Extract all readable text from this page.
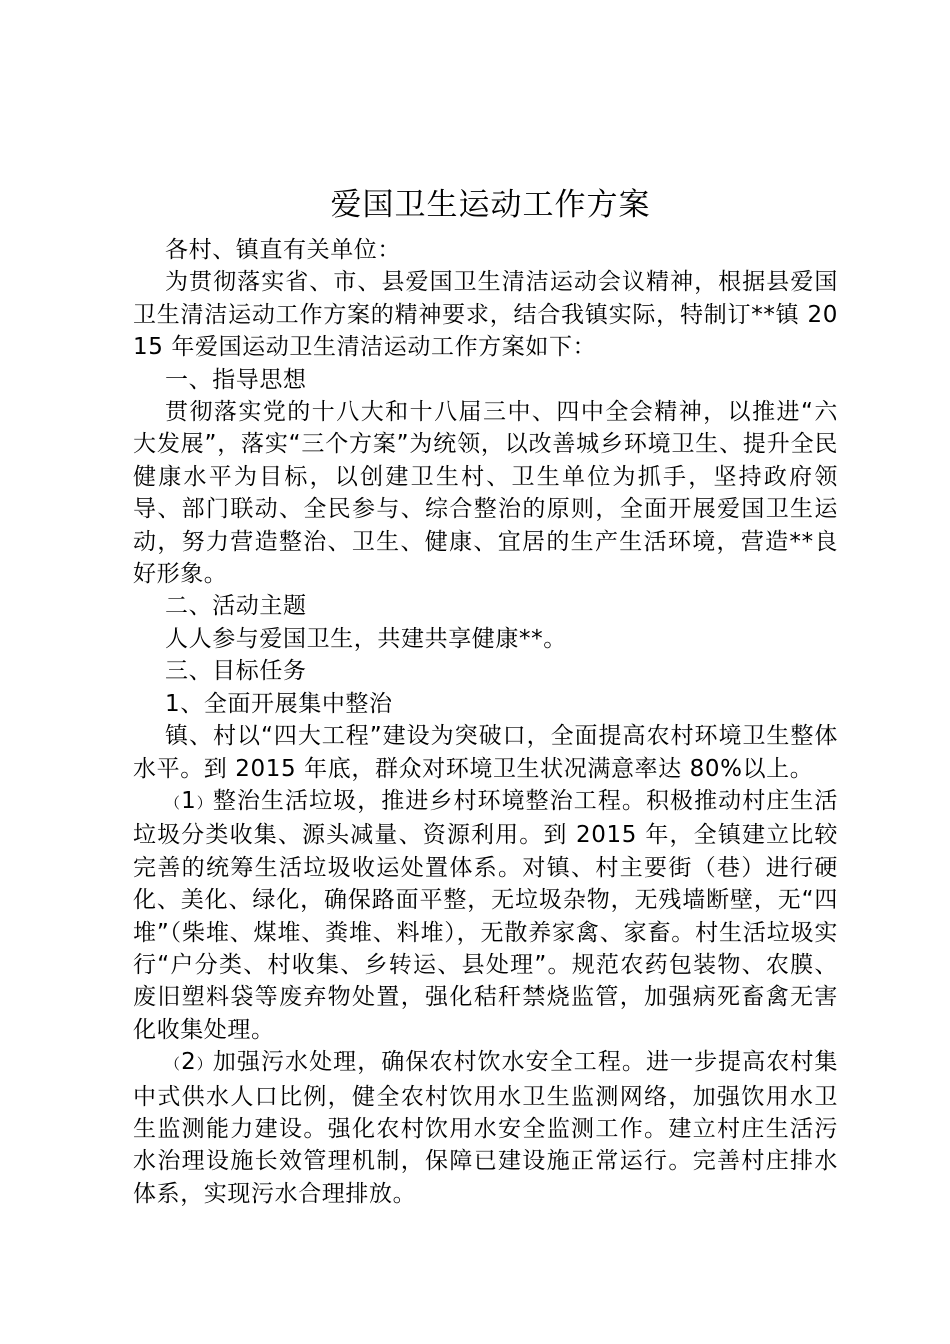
爱国卫生运动工作方案

各村、镇直有关单位：

为贯彻落实省、市、县爱国卫生清洁运动会议精神，根据县爱国卫生清洁运动工作方案的精神要求，结合我镇实际，特制订**镇 2015 年爱国运动卫生清洁运动工作方案如下：

一、指导思想

贯彻落实党的十八大和十八届三中、四中全会精神，以推进“六大发展”，落实“三个方案”为统领，以改善城乡环境卫生、提升全民健康水平为目标，以创建卫生村、卫生单位为抓手，坚持政府领导、部门联动、全民参与、综合整治的原则，全面开展爱国卫生运动，努力营造整治、卫生、健康、宜居的生产生活环境，营造**良好形象。

二、活动主题

人人参与爱国卫生，共建共享健康**。

三、目标任务

1、全面开展集中整治

镇、村以“四大工程”建设为突破口，全面提高农村环境卫生整体水平。到 2015 年底，群众对环境卫生状况满意率达 80%以上。

（1）整治生活垃圾，推进乡村环境整治工程。积极推动村庄生活垃圾分类收集、源头减量、资源利用。到 2015 年，全镇建立比较完善的统筹生活垃圾收运处置体系。对镇、村主要街（巷）进行硬化、美化、绿化，确保路面平整，无垃圾杂物，无残墙断壁，无“四堆”（柴堆、煤堆、粪堆、料堆），无散养家禽、家畜。村生活垃圾实行“户分类、村收集、乡转运、县处理”。规范农药包装物、农膜、废旧塑料袋等废弃物处置，强化秸秆禁烧监管，加强病死畜禽无害化收集处理。

（2）加强污水处理，确保农村饮水安全工程。进一步提高农村集中式供水人口比例，健全农村饮用水卫生监测网络，加强饮用水卫生监测能力建设。强化农村饮用水安全监测工作。建立村庄生活污水治理设施长效管理机制，保障已建设施正常运行。完善村庄排水体系，实现污水合理排放。
